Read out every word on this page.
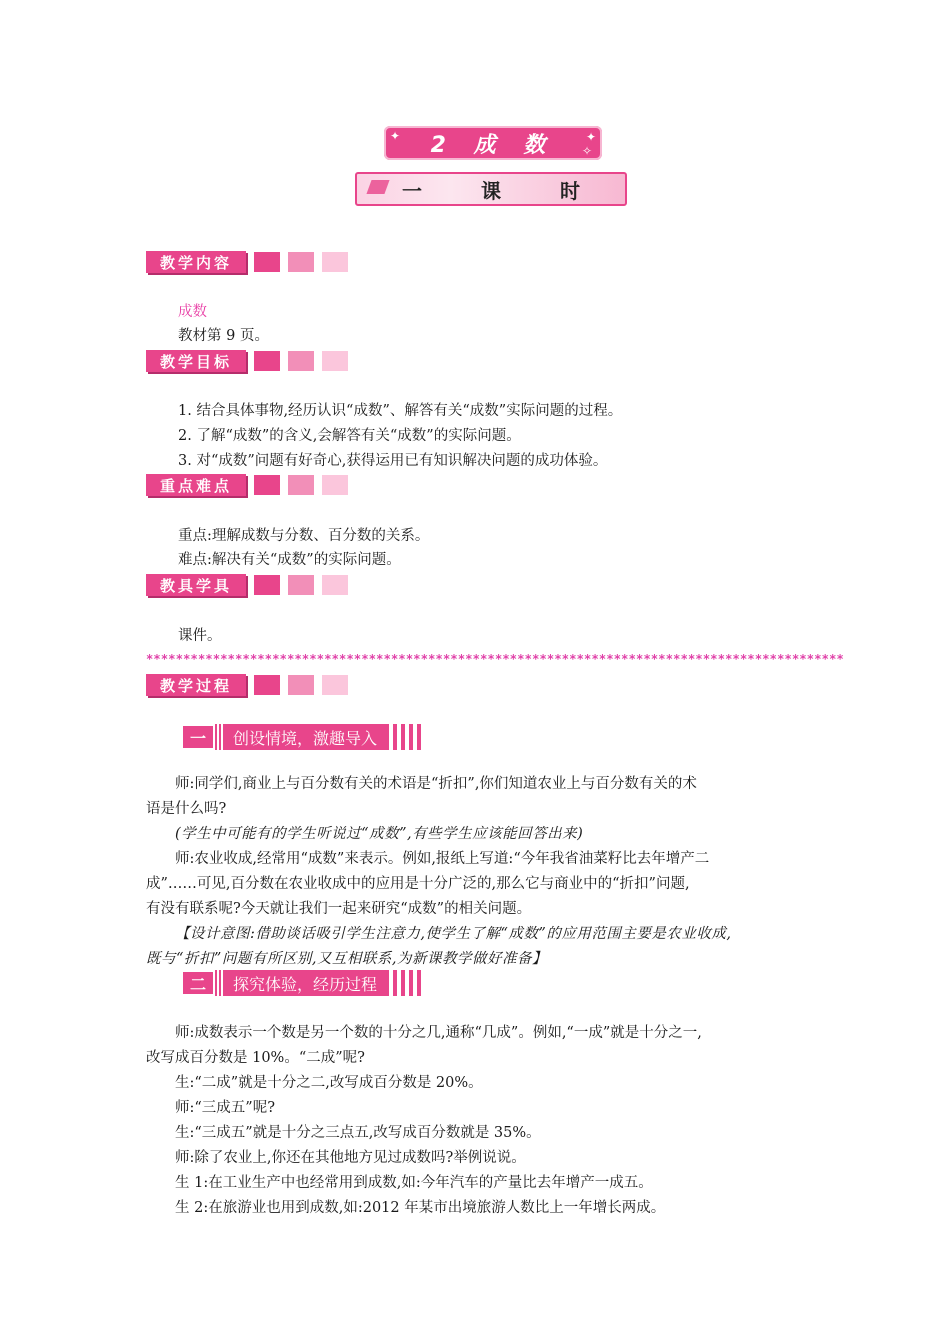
✦	✦
✧
2 成 数
一 课 时
教学内容
成数
教材第 9 页。
教学目标
1. 结合具体事物,经历认识“成数”、解答有关“成数”实际问题的过程。
2. 了解“成数”的含义,会解答有关“成数”的实际问题。
3. 对“成数”问题有好奇心,获得运用已有知识解决问题的成功体验。
重点难点
重点:理解成数与分数、百分数的关系。
难点:解决有关“成数”的实际问题。
教具学具
课件。
**********************************************************************************************
教学过程
一	创设情境，激趣导入
师:同学们,商业上与百分数有关的术语是“折扣”,你们知道农业上与百分数有关的术
语是什么吗?
(学生中可能有的学生听说过“成数”,有些学生应该能回答出来)
师:农业收成,经常用“成数”来表示。例如,报纸上写道:“今年我省油菜籽比去年增产二
成”……可见,百分数在农业收成中的应用是十分广泛的,那么它与商业中的“折扣”问题,
有没有联系呢?今天就让我们一起来研究“成数”的相关问题。
【设计意图:借助谈话吸引学生注意力,使学生了解“成数”的应用范围主要是农业收成,
既与“折扣”问题有所区别,又互相联系,为新课教学做好准备】
二	探究体验，经历过程
师:成数表示一个数是另一个数的十分之几,通称“几成”。例如,“一成”就是十分之一,
改写成百分数是 10%。“二成”呢?
生:“二成”就是十分之二,改写成百分数是 20%。
师:“三成五”呢?
生:“三成五”就是十分之三点五,改写成百分数就是 35%。
师:除了农业上,你还在其他地方见过成数吗?举例说说。
生 1:在工业生产中也经常用到成数,如:今年汽车的产量比去年增产一成五。
生 2:在旅游业也用到成数,如:2012 年某市出境旅游人数比上一年增长两成。
